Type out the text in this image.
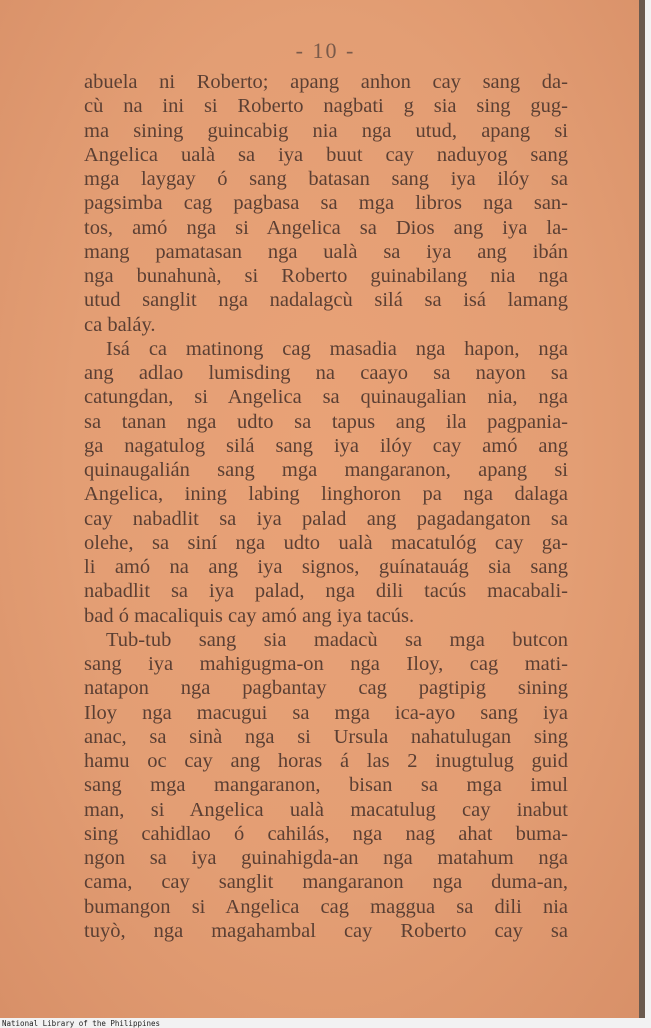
- 10 -
abuela ni Roberto; apang anhon cay sang da-
cù na ini si Roberto nagbati g sia sing gug-
ma sining guincabig nia nga utud, apang si
Angelica ualà sa iya buut cay naduyog sang
mga laygay ó sang batasan sang iya ilóy sa
pagsimba cag pagbasa sa mga libros nga san-
tos, amó nga si Angelica sa Dios ang iya la-
mang pamatasan nga ualà sa iya ang ibán
nga bunahunà, si Roberto guinabilang nia nga
utud sanglit nga nadalagcù silá sa isá lamang
ca baláy.
Isá ca matinong cag masadia nga hapon, nga
ang adlao lumisding na caayo sa nayon sa
catungdan, si Angelica sa quinaugalian nia, nga
sa tanan nga udto sa tapus ang ila pagpaniа-
ga nagatulog silá sang iya ilóy cay amó ang
quinaugalián sang mga mangaranon, apang si
Angelica, ining labing linghoron pa nga dalaga
cay nabadlit sa iya palad ang pagadangaton sa
olehe, sa siní nga udto ualà macatulóg cay ga-
li amó na ang iya signos, guínatauág sia sang
nabadlit sa iya palad, nga dili tacús macabali-
bad ó macaliquis cay amó ang iya tacús.
Tub-tub sang sia madacù sa mga butcon
sang iya mahigugma-on nga Iloy, cag mati-
natapon nga pagbantay cag pagtipig sining
Iloy nga macugui sa mga ica-ayo sang iya
anac, sa sinà nga si Ursula nahatulugan sing
hamu oc cay ang horas á las 2 inugtulug guid
sang mga mangaranon, bisan sa mga imul
man, si Angelica ualà macatulug cay inabut
sing cahidlao ó cahilás, nga nag ahat buma-
ngon sa iya guinahigda-an nga matahum nga
cama, cay sanglit mangaranon nga duma-an,
bumangon si Angelica cag maggua sa dili nia
tuyò, nga magahambal cay Roberto cay sa
National Library of the Philippines
